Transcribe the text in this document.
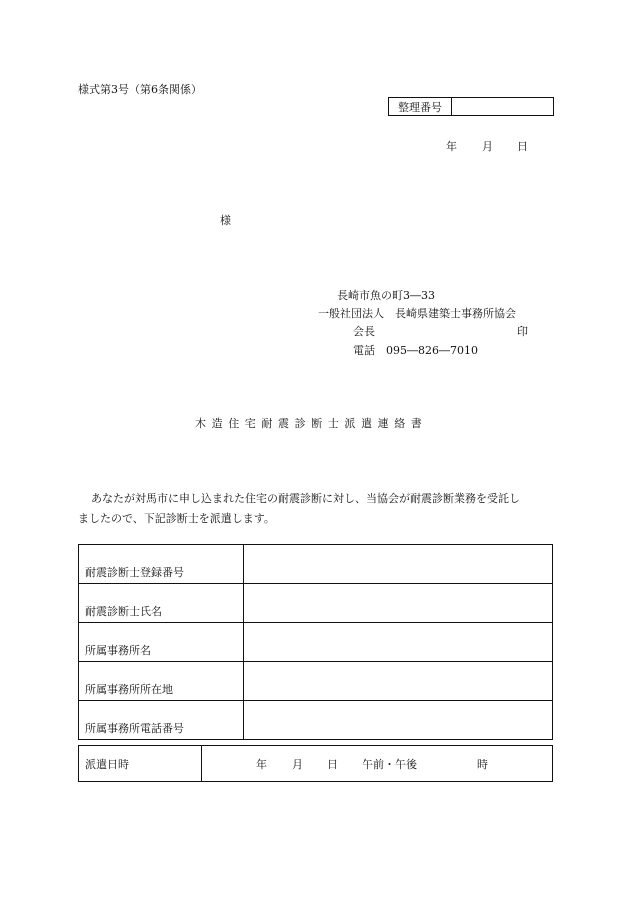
様式第3号（第6条関係）
整理番号
年 月 日
様
長崎市魚の町3―33
一般社団法人　長崎県建築士事務所協会
会長	印
電話 095―826―7010
木造住宅耐震診断士派遣連絡書
あなたが対馬市に申し込まれた住宅の耐震診断に対し、当協会が耐震診断業務を受託し
ましたので、下記診断士を派遣します。
耐震診断士登録番号	
耐震診断士氏名	
所属事務所名	
所属事務所所在地	
所属事務所電話番号	
派遣日時	年 月 日 午前・午後	時
